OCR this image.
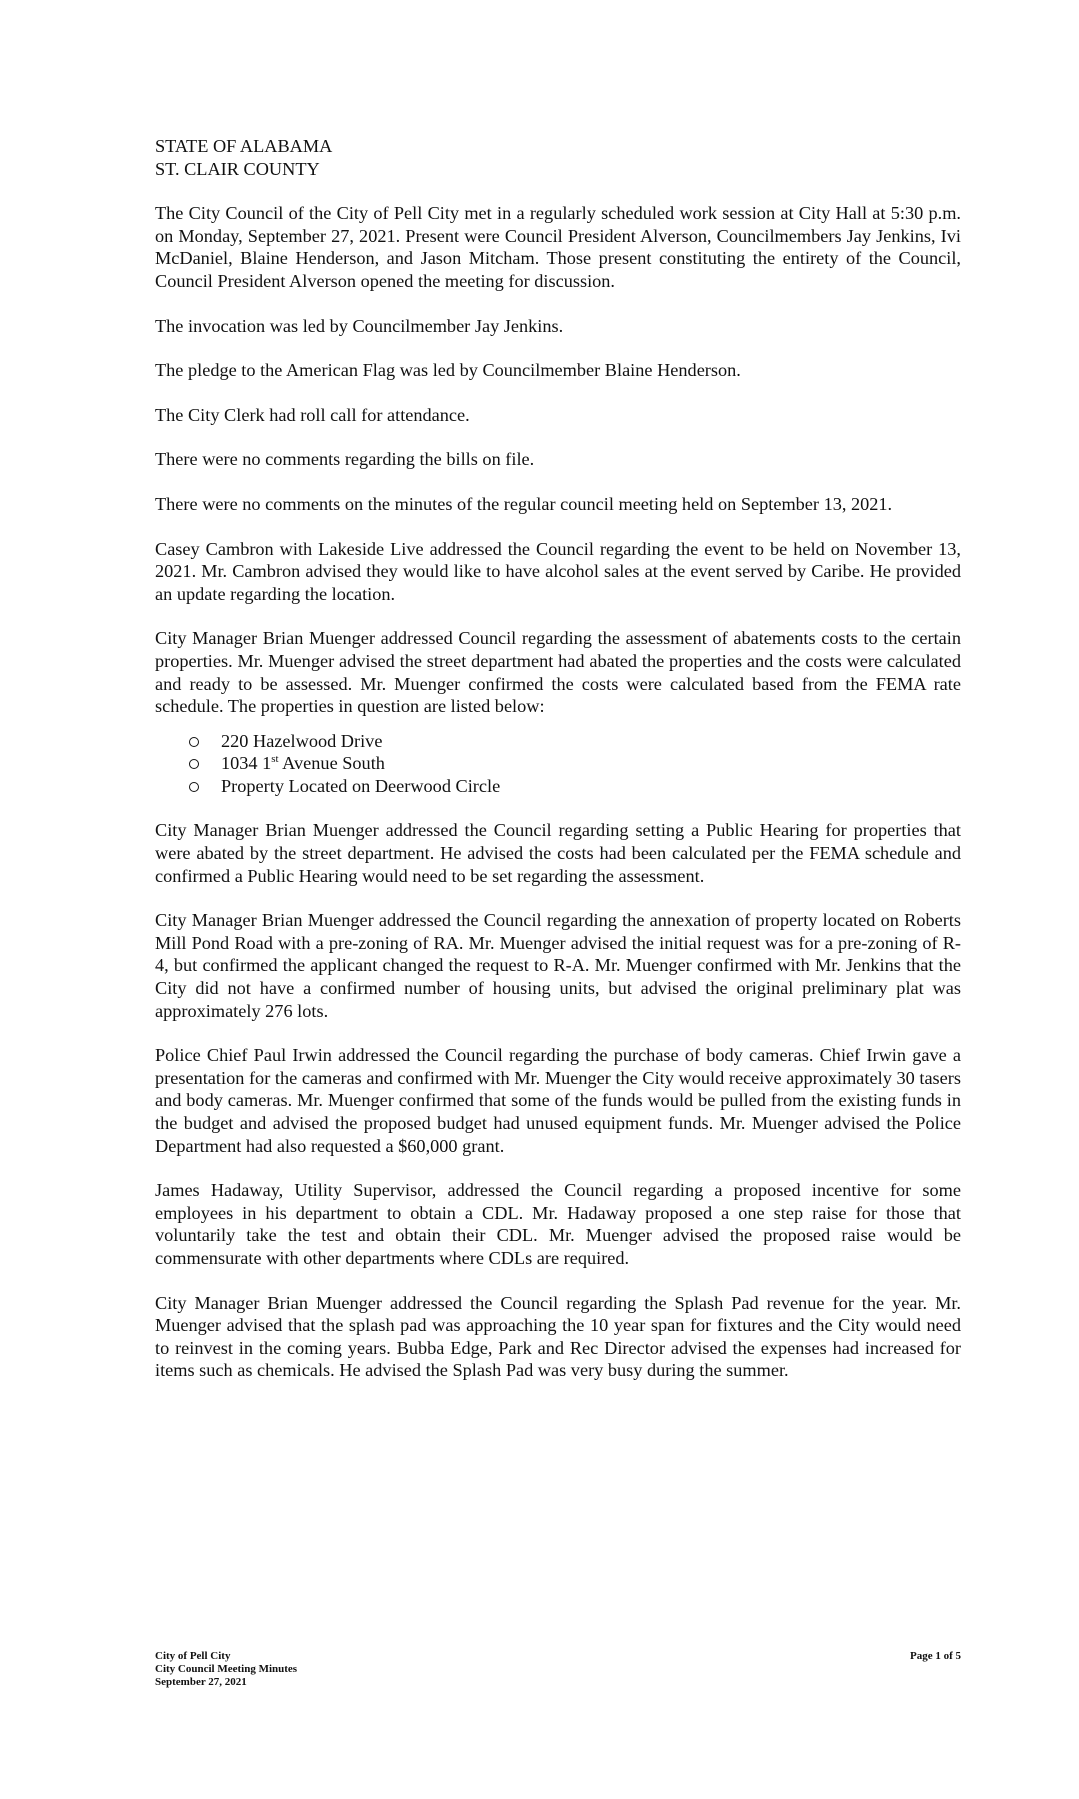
STATE OF ALABAMA

ST. CLAIR COUNTY

The City Council of the City of Pell City met in a regularly scheduled work session at City Hall at 5:30 p.m. on Monday, September 27, 2021. Present were Council President Alverson, Councilmembers Jay Jenkins, Ivi McDaniel, Blaine Henderson, and Jason Mitcham. Those present constituting the entirety of the Council, Council President Alverson opened the meeting for discussion.

The invocation was led by Councilmember Jay Jenkins.

The pledge to the American Flag was led by Councilmember Blaine Henderson.

The City Clerk had roll call for attendance.

There were no comments regarding the bills on file.

There were no comments on the minutes of the regular council meeting held on September 13, 2021.

Casey Cambron with Lakeside Live addressed the Council regarding the event to be held on November 13, 2021. Mr. Cambron advised they would like to have alcohol sales at the event served by Caribe. He provided an update regarding the location.

City Manager Brian Muenger addressed Council regarding the assessment of abatements costs to the certain properties. Mr. Muenger advised the street department had abated the properties and the costs were calculated and ready to be assessed. Mr. Muenger confirmed the costs were calculated based from the FEMA rate schedule. The properties in question are listed below:

220 Hazelwood Drive
1034 1st Avenue South
Property Located on Deerwood Circle

City Manager Brian Muenger addressed the Council regarding setting a Public Hearing for properties that were abated by the street department. He advised the costs had been calculated per the FEMA schedule and confirmed a Public Hearing would need to be set regarding the assessment.

City Manager Brian Muenger addressed the Council regarding the annexation of property located on Roberts Mill Pond Road with a pre-zoning of RA. Mr. Muenger advised the initial request was for a pre-zoning of R-4, but confirmed the applicant changed the request to R-A. Mr. Muenger confirmed with Mr. Jenkins that the City did not have a confirmed number of housing units, but advised the original preliminary plat was approximately 276 lots.

Police Chief Paul Irwin addressed the Council regarding the purchase of body cameras. Chief Irwin gave a presentation for the cameras and confirmed with Mr. Muenger the City would receive approximately 30 tasers and body cameras. Mr. Muenger confirmed that some of the funds would be pulled from the existing funds in the budget and advised the proposed budget had unused equipment funds. Mr. Muenger advised the Police Department had also requested a $60,000 grant.

James Hadaway, Utility Supervisor, addressed the Council regarding a proposed incentive for some employees in his department to obtain a CDL. Mr. Hadaway proposed a one step raise for those that voluntarily take the test and obtain their CDL. Mr. Muenger advised the proposed raise would be commensurate with other departments where CDLs are required.

City Manager Brian Muenger addressed the Council regarding the Splash Pad revenue for the year. Mr. Muenger advised that the splash pad was approaching the 10 year span for fixtures and the City would need to reinvest in the coming years. Bubba Edge, Park and Rec Director advised the expenses had increased for items such as chemicals. He advised the Splash Pad was very busy during the summer.

City of Pell City
City Council Meeting Minutes
September 27, 2021
Page 1 of 5
